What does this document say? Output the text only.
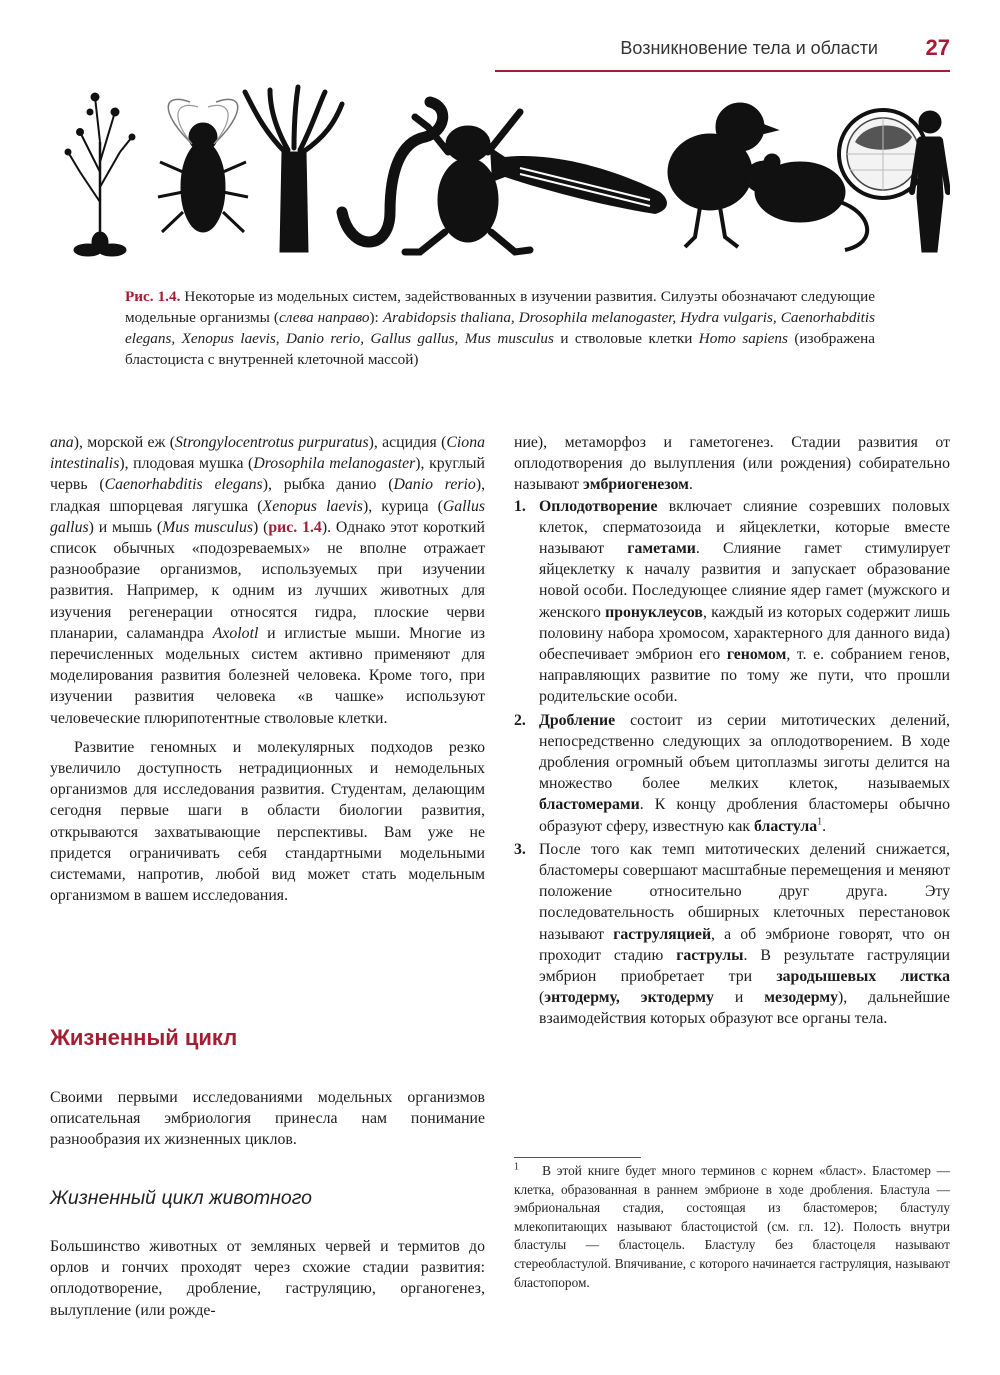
Возникновение тела и области	27
Рис. 1.4. Некоторые из модельных систем, задействованных в изучении развития. Силуэты обозначают следующие модельные организмы (слева направо): Arabidopsis thaliana, Drosophila melanogaster, Hydra vulgaris, Caenorhabditis elegans, Xenopus laevis, Danio rerio, Gallus gallus, Mus musculus и стволовые клетки Homo sapiens (изображена бластоциста с внутренней клеточной массой)

ana), морской еж (Strongylocentrotus purpuratus), асцидия (Ciona intestinalis), плодовая мушка (Drosophila melanogaster), круглый червь (Caenorhabditis elegans), рыбка данио (Danio rerio), гладкая шпорцевая лягушка (Xenopus laevis), курица (Gallus gallus) и мышь (Mus musculus) (рис. 1.4). Однако этот короткий список обычных «подозреваемых» не вполне отражает разнообразие организмов, используемых при изучении развития. Например, к одним из лучших животных для изучения регенерации относятся гидра, плоские черви планарии, саламандра Axolotl и иглистые мыши. Многие из перечисленных модельных систем активно применяют для моделирования развития болезней человека. Кроме того, при изучении развития человека «в чашке» используют человеческие плюрипотентные стволовые клетки.

Развитие геномных и молекулярных подходов резко увеличило доступность нетрадиционных и немодельных организмов для исследования развития. Студентам, делающим сегодня первые шаги в области биологии развития, открываются захватывающие перспективы. Вам уже не придется ограничивать себя стандартными модельными системами, напротив, любой вид может стать модельным организмом в вашем исследования.

Жизненный цикл
Своими первыми исследованиями модельных организмов описательная эмбриология принесла нам понимание разнообразия их жизненных циклов.
Жизненный цикл животного
Большинство животных от земляных червей и термитов до орлов и гончих проходят через схожие стадии развития: оплодотворение, дробление, гаструляцию, органогенез, вылупление (или рожде-

ние), метаморфоз и гаметогенез. Стадии развития от оплодотворения до вылупления (или рождения) собирательно называют эмбриогенезом.

1. Оплодотворение включает слияние созревших половых клеток, сперматозоида и яйцеклетки, которые вместе называют гаметами. Слияние гамет стимулирует яйцеклетку к началу развития и запускает образование новой особи. Последующее слияние ядер гамет (мужского и женского пронуклеусов, каждый из которых содержит лишь половину набора хромосом, характерного для данного вида) обеспечивает эмбрион его геномом, т. е. собранием генов, направляющих развитие по тому же пути, что прошли родительские особи.
2. Дробление состоит из серии митотических делений, непосредственно следующих за оплодотворением. В ходе дробления огромный объем цитоплазмы зиготы делится на множество более мелких клеток, называемых бластомерами. К концу дробления бластомеры обычно образуют сферу, известную как бластула$^1$.
3. После того как темп митотических делений снижается, бластомеры совершают масштабные перемещения и меняют положение относительно друг друга. Эту последовательность обширных клеточных перестановок называют гаструляцией, а об эмбрионе говорят, что он проходит стадию гаструлы. В результате гаструляции эмбрион приобретает три зародышевых листка (энтодерму, эктодерму и мезодерму), дальнейшие взаимодействия которых образуют все органы тела.
$^1$ В этой книге будет много терминов с корнем «бласт». Бластомер — клетка, образованная в раннем эмбрионе в ходе дробления. Бластула — эмбриональная стадия, состоящая из бластомеров; бластулу млекопитающих называют бластоцистой (см. гл. 12). Полость внутри бластулы — бластоцель. Бластулу без бластоцеля называют стереобластулой. Впячивание, с которого начинается гаструляция, называют бластопором.
